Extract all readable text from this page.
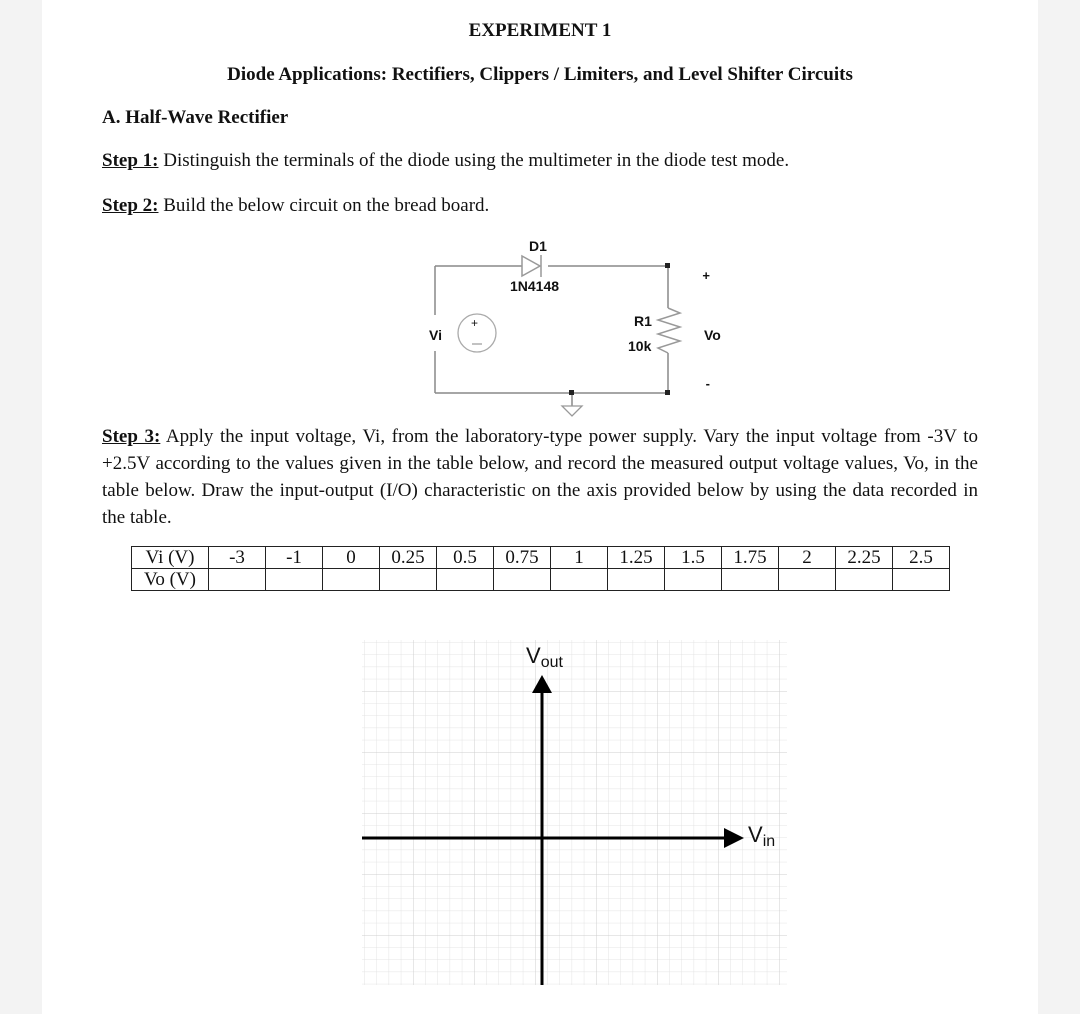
EXPERIMENT 1
Diode Applications: Rectifiers, Clippers / Limiters, and Level Shifter Circuits
A. Half-Wave Rectifier
Step 1: Distinguish the terminals of the diode using the multimeter in the diode test mode.
Step 2: Build the below circuit on the bread board.
+
D1
1N4148
Vi
R1
10k
+
Vo
-
Step 3: Apply the input voltage, Vi, from the laboratory-type power supply. Vary the input voltage from -3V to +2.5V according to the values given in the table below, and record the measured output voltage values, Vo, in the table below. Draw the input-output (I/O) characteristic on the axis provided below by using the data recorded in the table.
Vi (V)	-3	-1	0	0.25	0.5	0.75	1	1.25	1.5	1.75	2	2.25	2.5
Vo (V)													
Vout
Vin
